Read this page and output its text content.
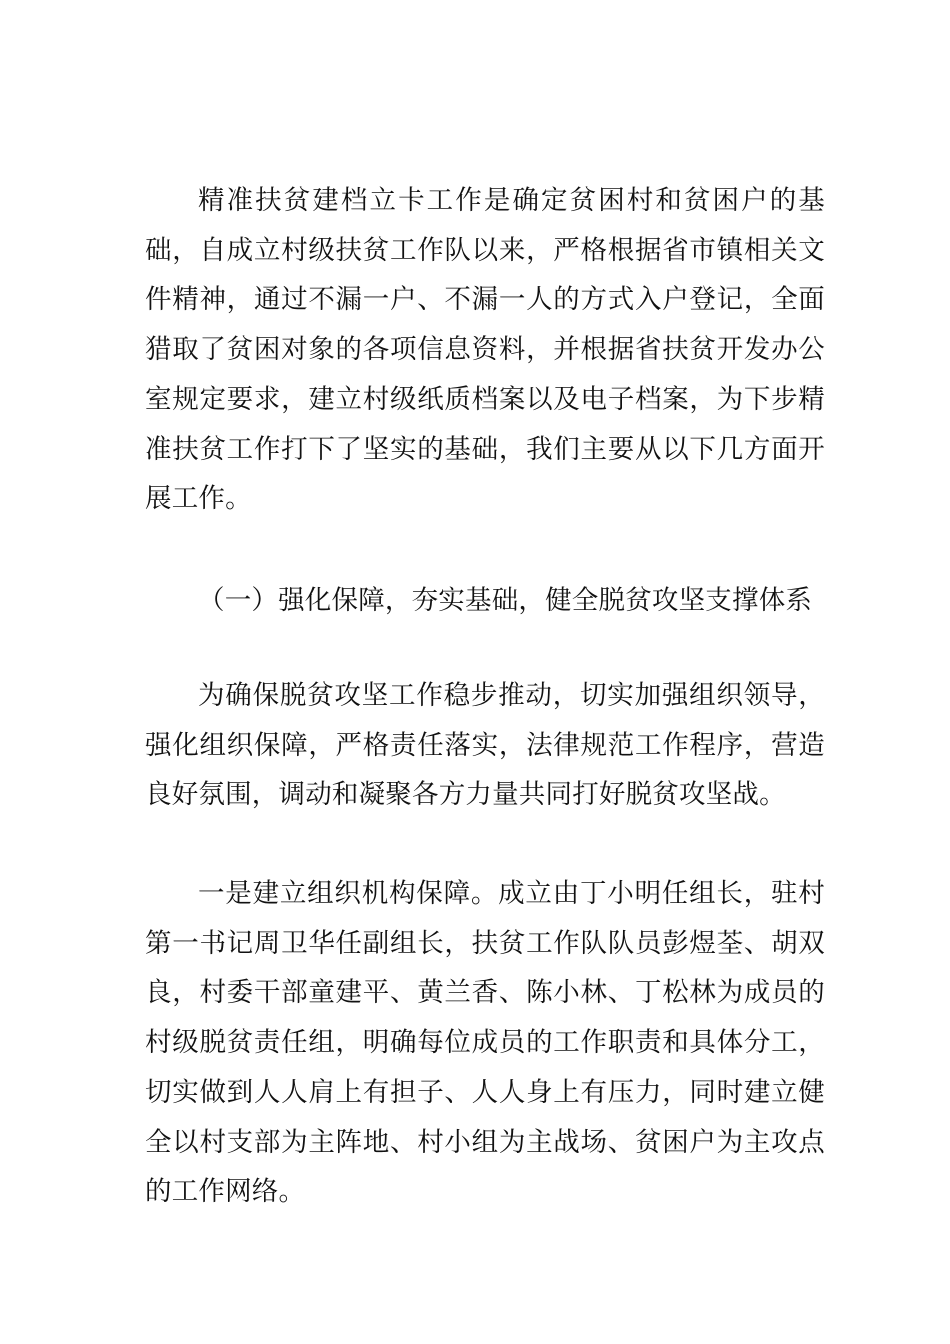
精准扶贫建档立卡工作是确定贫困村和贫困户的基础，自成立村级扶贫工作队以来，严格根据省市镇相关文件精神，通过不漏一户、不漏一人的方式入户登记，全面猎取了贫困对象的各项信息资料，并根据省扶贫开发办公室规定要求，建立村级纸质档案以及电子档案，为下步精准扶贫工作打下了坚实的基础，我们主要从以下几方面开展工作。

（一）强化保障，夯实基础，健全脱贫攻坚支撑体系

为确保脱贫攻坚工作稳步推动，切实加强组织领导，强化组织保障，严格责任落实，法律规范工作程序，营造良好氛围，调动和凝聚各方力量共同打好脱贫攻坚战。

一是建立组织机构保障。成立由丁小明任组长，驻村第一书记周卫华任副组长，扶贫工作队队员彭煜荃、胡双良，村委干部童建平、黄兰香、陈小林、丁松林为成员的村级脱贫责任组，明确每位成员的工作职责和具体分工，切实做到人人肩上有担子、人人身上有压力，同时建立健全以村支部为主阵地、村小组为主战场、贫困户为主攻点的工作网络。
